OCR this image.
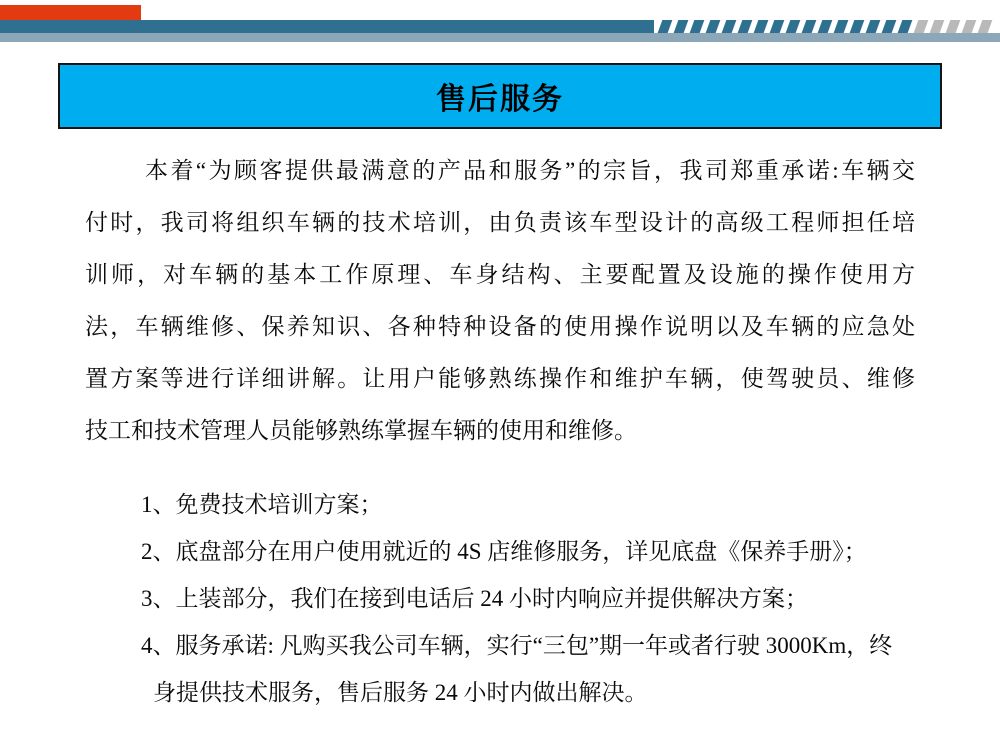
售后服务
本着“为顾客提供最满意的产品和服务”的宗旨，我司郑重承诺:车辆交
付时，我司将组织车辆的技术培训，由负责该车型设计的高级工程师担任培
训师，对车辆的基本工作原理、车身结构、主要配置及设施的操作使用方
法，车辆维修、保养知识、各种特种设备的使用操作说明以及车辆的应急处
置方案等进行详细讲解。让用户能够熟练操作和维护车辆，使驾驶员、维修
技工和技术管理人员能够熟练掌握车辆的使用和维修。
1、免费技术培训方案；
2、底盘部分在用户使用就近的 4S 店维修服务，详见底盘《保养手册》；
3、上装部分，我们在接到电话后 24 小时内响应并提供解决方案；
4、服务承诺: 凡购买我公司车辆，实行“三包”期一年或者行驶 3000Km，终
身提供技术服务，售后服务 24 小时内做出解决。
